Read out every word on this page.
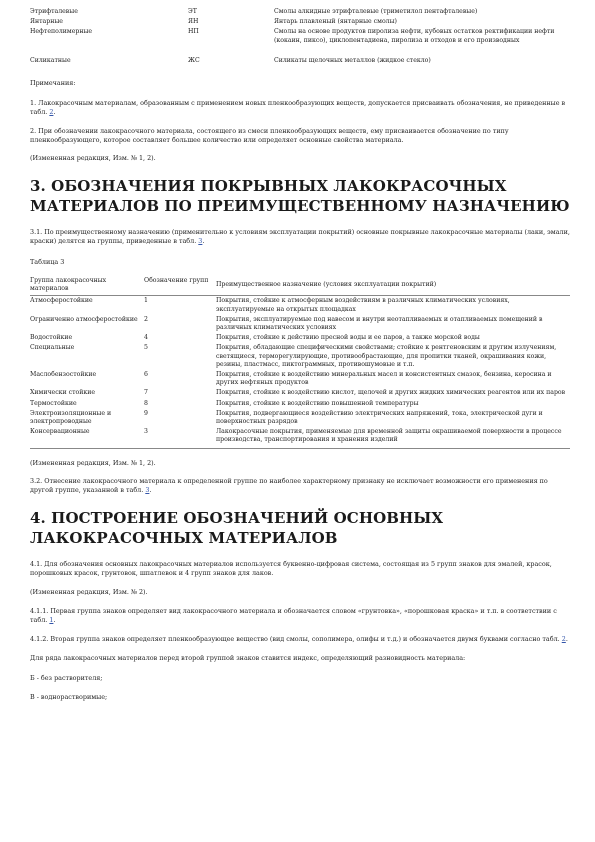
Этрифталевые	ЭТ	Смолы алкидные этрифталевые (триметилол пентафталевые)
Янтарные	ЯН	Янтарь плавленый (янтарные смолы)
Нефтеполимерные	НП	Смолы на основе продуктов пиролиза нефти, кубовых остатков ректификации нефти (кокаин, пиксо), циклопентадиена, пиролиза и отходов и его производных
Силикатные	ЖС	Силикаты щелочных металлов (жидкое стекло)

Примечания:

1. Лакокрасочным материалам, образованным с применением новых пленкообразующих веществ, допускается присваивать обозначения, не приведенные в табл. 2.

2. При обозначении лакокрасочного материала, состоящего из смеси пленкообразующих веществ, ему присваивается обозначение по типу пленкообразующего, которое составляет большее количество или определяет основные свойства материала.

(Измененная редакция, Изм. № 1, 2).

3. ОБОЗНАЧЕНИЯ ПОКРЫВНЫХ ЛАКОКРАСОЧНЫХ МАТЕРИАЛОВ ПО ПРЕИМУЩЕСТВЕННОМУ НАЗНАЧЕНИЮ

3.1. По преимущественному назначению (применительно к условиям эксплуатации покрытий) основные покрывные лакокрасочные материалы (лаки, эмали, краски) делятся на группы, приведенные в табл. 3.

Таблица 3

Группа лакокрасочных материалов	Обозначение групп	Преимущественное назначение (условия эксплуатации покрытий)
Атмосферостойкие	1	Покрытия, стойкие к атмосферным воздействиям в различных климатических условиях, эксплуатируемые на открытых площадках
Ограниченно атмосферостойкие	2	Покрытия, эксплуатируемые под навесом и внутри неотапливаемых и отапливаемых помещений в различных климатических условиях
Водостойкие	4	Покрытия, стойкие к действию пресной воды и ее паров, а также морской воды
Специальные	5	Покрытия, обладающие специфическими свойствами; стойкие к рентгеновским и другим излучениям, светящиеся, терморегулирующие, противообрастающие, для пропитки тканей, окрашивания кожи, резины, пластмасс, пиктограммных, противошумовые и т.п.
Маслобензостойкие	6	Покрытия, стойкие к воздействию минеральных масел и консистентных смазок, бензина, керосина и других нефтяных продуктов
Химически стойкие	7	Покрытия, стойкие к воздействию кислот, щелочей и других жидких химических реагентов или их паров
Термостойкие	8	Покрытия, стойкие к воздействию повышенной температуры
Электроизоляционные и электропроводные	9	Покрытия, подвергающиеся воздействию электрических напряжений, тока, электрической дуги и поверхностных разрядов
Консервационные	3	Лакокрасочные покрытия, применяемые для временной защиты окрашиваемой поверхности в процессе производства, транспортирования и хранения изделий

(Измененная редакция, Изм. № 1, 2).

3.2. Отнесение лакокрасочного материала к определенной группе по наиболее характерному признаку не исключает возможности его применения по другой группе, указанной в табл. 3.

4. ПОСТРОЕНИЕ ОБОЗНАЧЕНИЙ ОСНОВНЫХ ЛАКОКРАСОЧНЫХ МАТЕРИАЛОВ

4.1. Для обозначения основных лакокрасочных материалов используется буквенно-цифровая система, состоящая из 5 групп знаков для эмалей, красок, порошковых красок, грунтовок, шпатлевок и 4 групп знаков для лаков.

(Измененная редакция, Изм. № 2).

4.1.1. Первая группа знаков определяет вид лакокрасочного материала и обозначается словом «грунтовка», «порошковая краска» и т.п. в соответствии с табл. 1.

4.1.2. Вторая группа знаков определяет пленкообразующее вещество (вид смолы, сополимера, олифы и т.д.) и обозначается двумя буквами согласно табл. 2.

Для ряда лакокрасочных материалов перед второй группой знаков ставится индекс, определяющий разновидность материала:

Б - без растворителя;

В - воднорастворимые;
